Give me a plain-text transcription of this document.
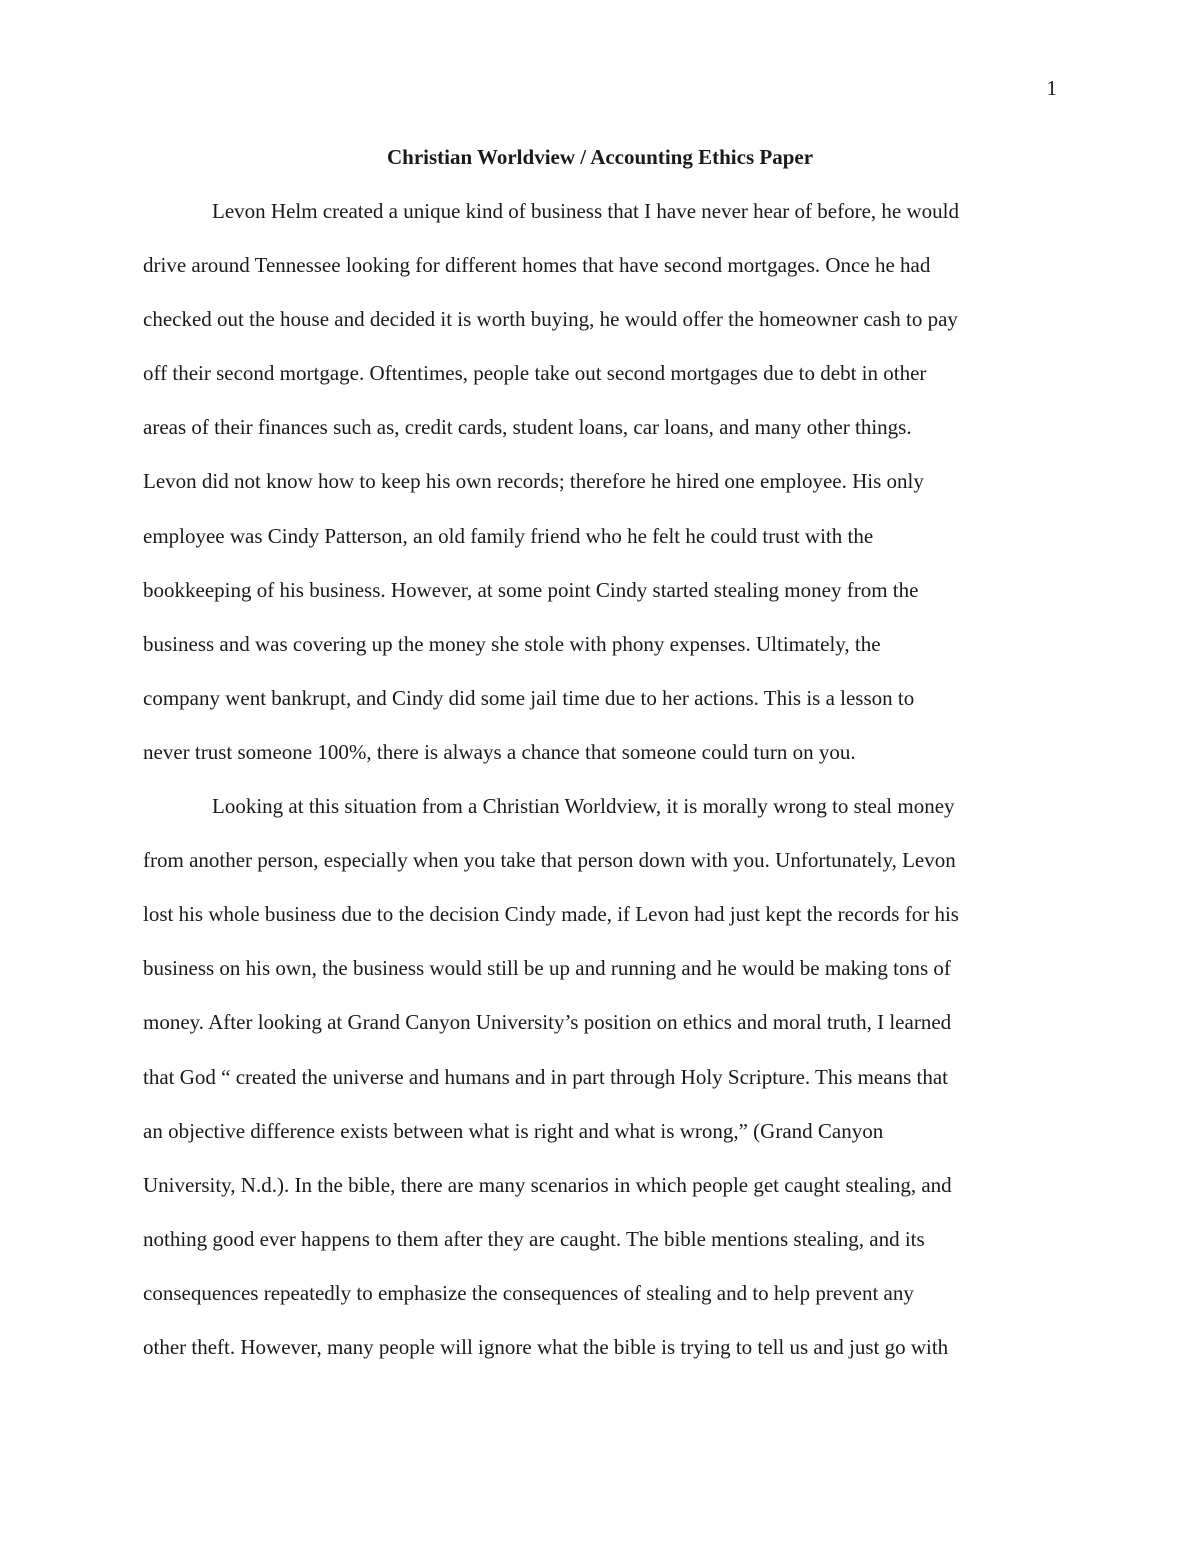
1
Christian Worldview / Accounting Ethics Paper
Levon Helm created a unique kind of business that I have never hear of before, he would
drive around Tennessee looking for different homes that have second mortgages. Once he had
checked out the house and decided it is worth buying, he would offer the homeowner cash to pay
off their second mortgage. Oftentimes, people take out second mortgages due to debt in other
areas of their finances such as, credit cards, student loans, car loans, and many other things.
Levon did not know how to keep his own records; therefore he hired one employee. His only
employee was Cindy Patterson, an old family friend who he felt he could trust with the
bookkeeping of his business. However, at some point Cindy started stealing money from the
business and was covering up the money she stole with phony expenses. Ultimately, the
company went bankrupt, and Cindy did some jail time due to her actions. This is a lesson to
never trust someone 100%, there is always a chance that someone could turn on you.
Looking at this situation from a Christian Worldview, it is morally wrong to steal money
from another person, especially when you take that person down with you. Unfortunately, Levon
lost his whole business due to the decision Cindy made, if Levon had just kept the records for his
business on his own, the business would still be up and running and he would be making tons of
money. After looking at Grand Canyon University’s position on ethics and moral truth, I learned
that God “ created the universe and humans and in part through Holy Scripture. This means that
an objective difference exists between what is right and what is wrong,” (Grand Canyon
University, N.d.). In the bible, there are many scenarios in which people get caught stealing, and
nothing good ever happens to them after they are caught. The bible mentions stealing, and its
consequences repeatedly to emphasize the consequences of stealing and to help prevent any
other theft. However, many people will ignore what the bible is trying to tell us and just go with
